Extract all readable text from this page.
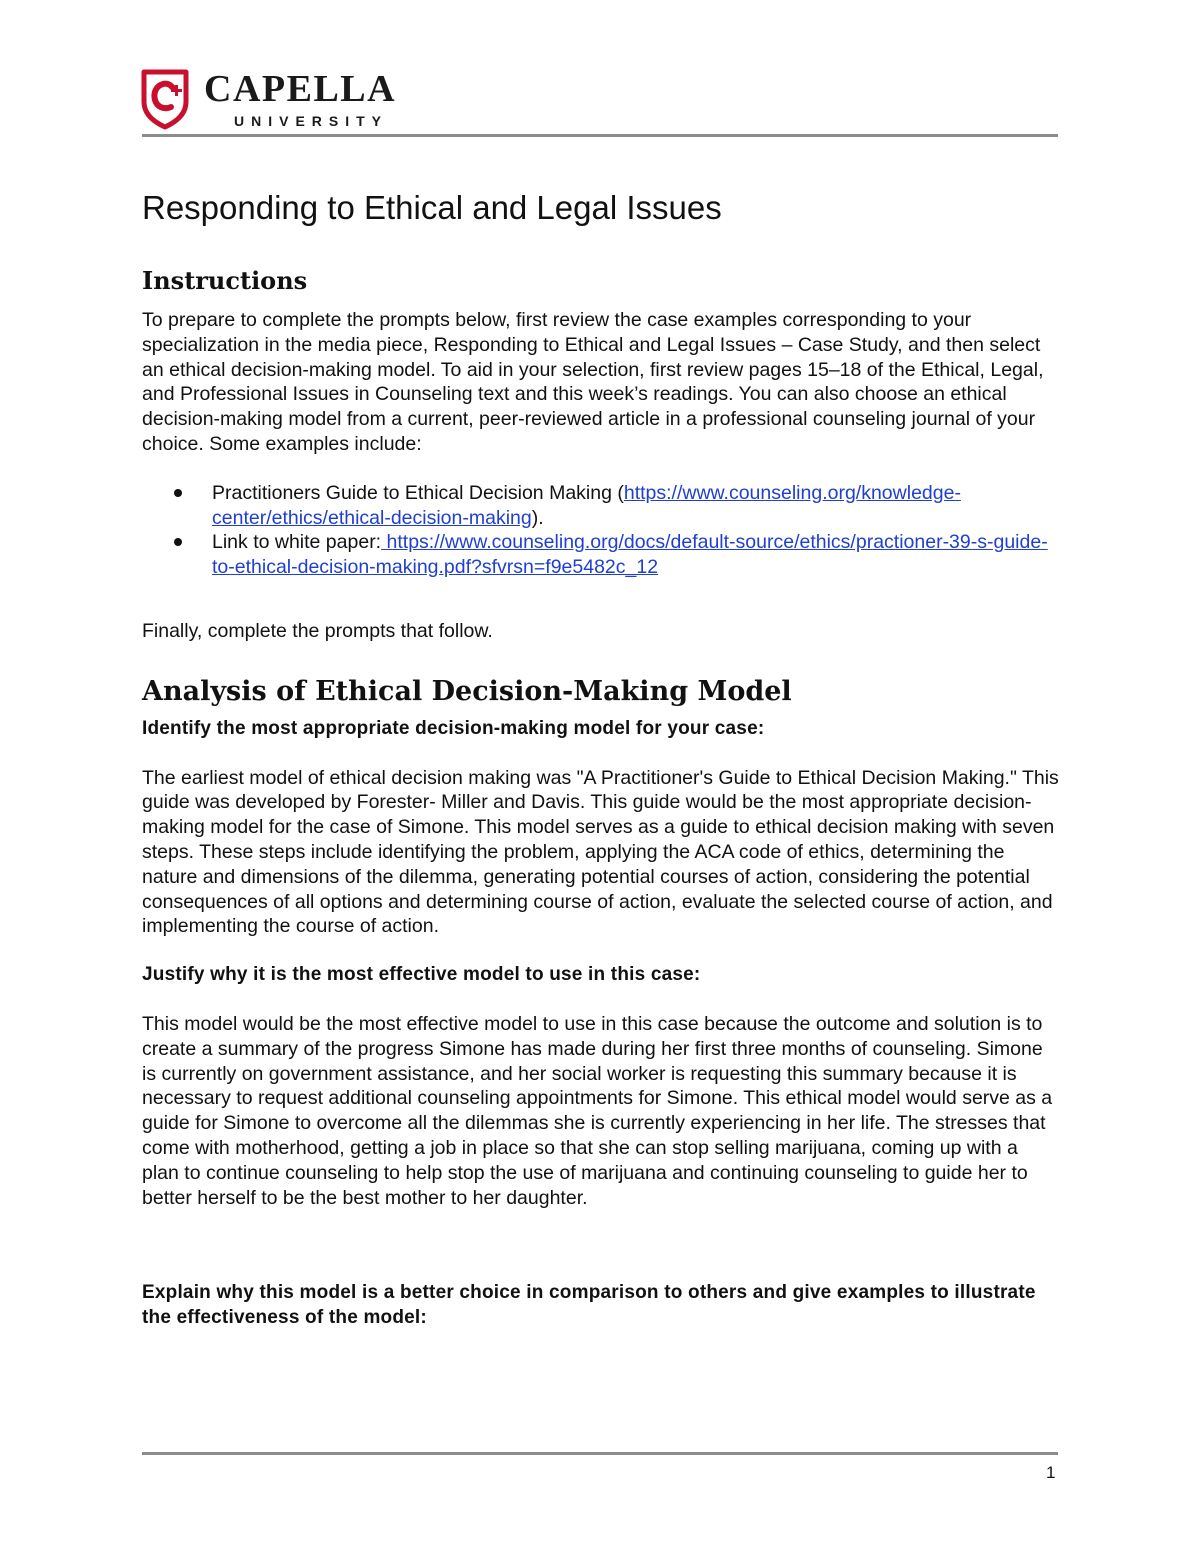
CAPELLA
UNIVERSITY
Responding to Ethical and Legal Issues
Instructions

To prepare to complete the prompts below, first review the case examples corresponding to your specialization in the media piece, Responding to Ethical and Legal Issues – Case Study, and then select an ethical decision-making model. To aid in your selection, first review pages 15–18 of the Ethical, Legal, and Professional Issues in Counseling text and this week’s readings. You can also choose an ethical decision-making model from a current, peer-reviewed article in a professional counseling journal of your choice. Some examples include:

Practitioners Guide to Ethical Decision Making (https://www.counseling.org/knowledge-center/ethics/ethical-decision-making).
Link to white paper: https://www.counseling.org/docs/default-source/ethics/practioner-39-s-guide-to-ethical-decision-making.pdf?sfvrsn=f9e5482c_12

Finally, complete the prompts that follow.

Analysis of Ethical Decision-Making Model

Identify the most appropriate decision-making model for your case:

The earliest model of ethical decision making was "A Practitioner's Guide to Ethical Decision Making." This guide was developed by Forester- Miller and Davis. This guide would be the most appropriate decision-making model for the case of Simone. This model serves as a guide to ethical decision making with seven steps. These steps include identifying the problem, applying the ACA code of ethics, determining the nature and dimensions of the dilemma, generating potential courses of action, considering the potential consequences of all options and determining course of action, evaluate the selected course of action, and implementing the course of action.

Justify why it is the most effective model to use in this case:

This model would be the most effective model to use in this case because the outcome and solution is to create a summary of the progress Simone has made during her first three months of counseling. Simone is currently on government assistance, and her social worker is requesting this summary because it is necessary to request additional counseling appointments for Simone. This ethical model would serve as a guide for Simone to overcome all the dilemmas she is currently experiencing in her life. The stresses that come with motherhood, getting a job in place so that she can stop selling marijuana, coming up with a plan to continue counseling to help stop the use of marijuana and continuing counseling to guide her to better herself to be the best mother to her daughter.

Explain why this model is a better choice in comparison to others and give examples to illustrate the effectiveness of the model:

1
